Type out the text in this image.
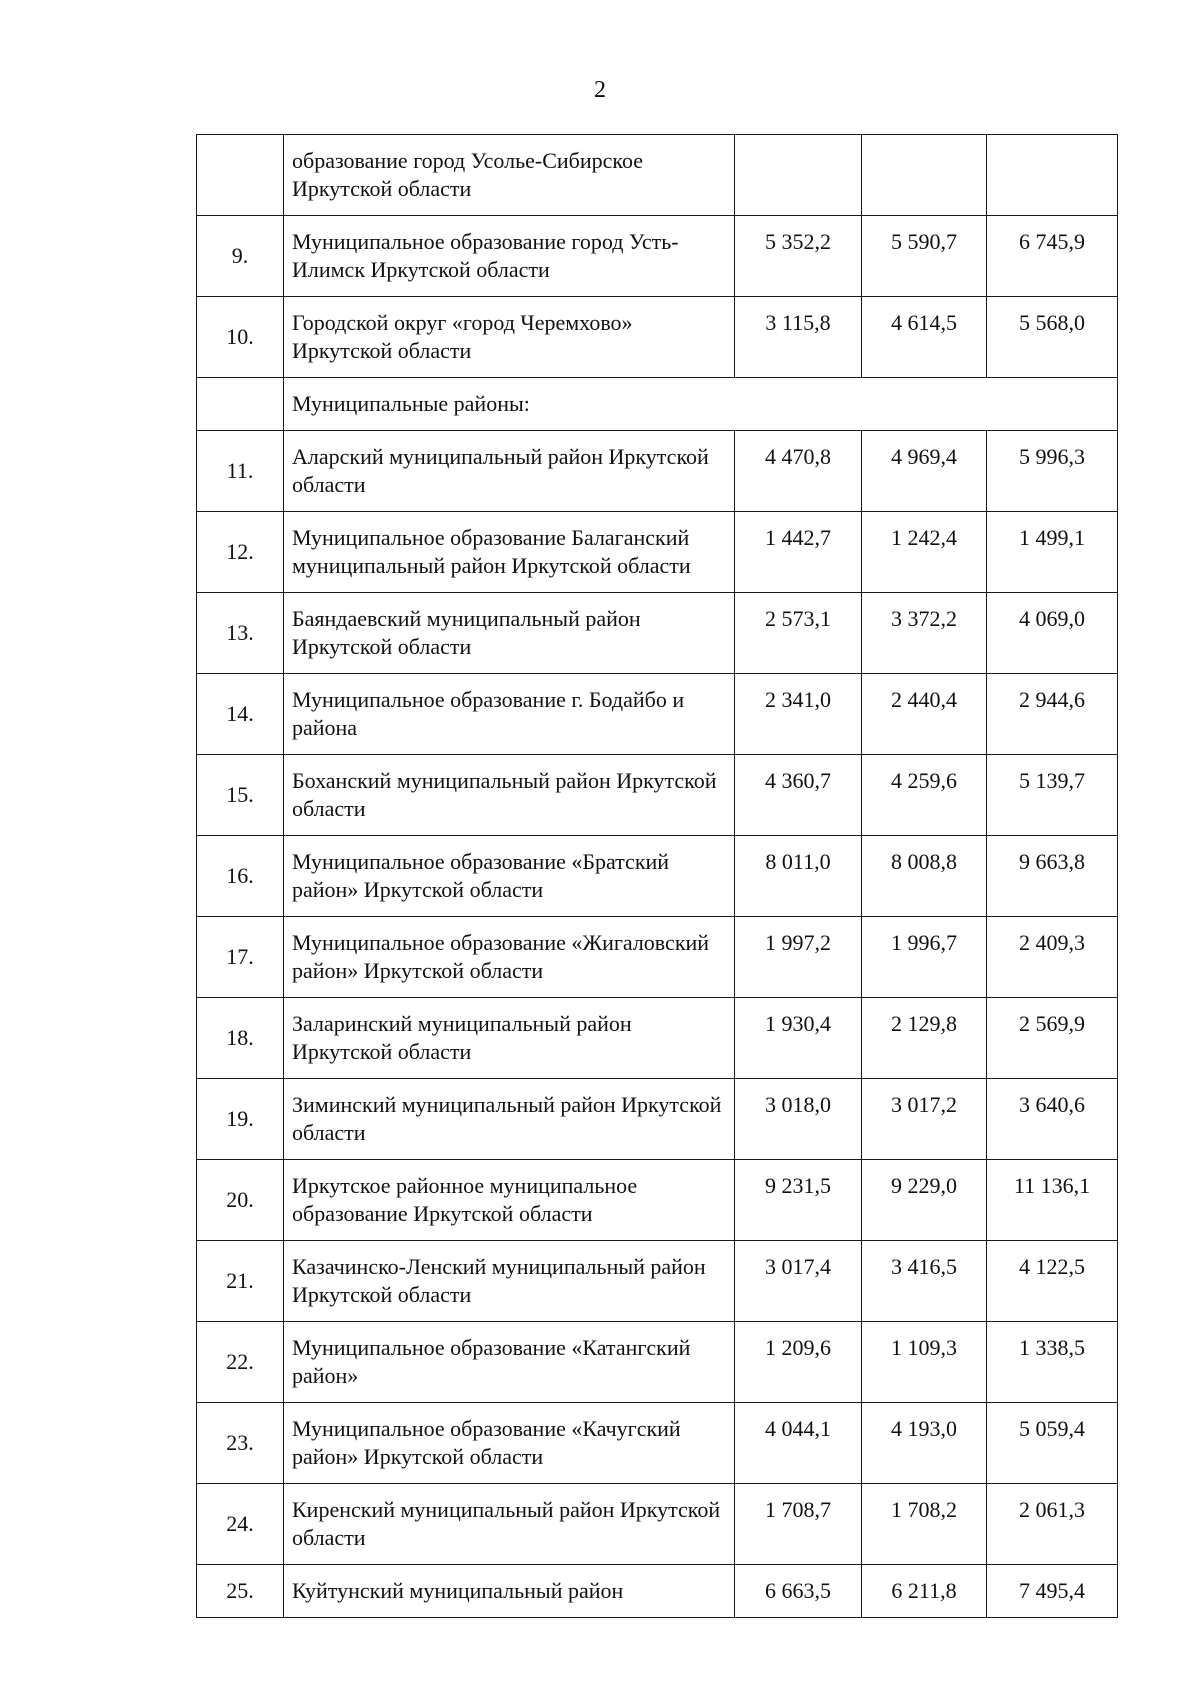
2
	образование город Усолье-Сибирское Иркутской области			
9.	Муниципальное образование город Усть-Илимск Иркутской области	5 352,2	5 590,7	6 745,9
10.	Городской округ «город Черемхово» Иркутской области	3 115,8	4 614,5	5 568,0
	Муниципальные районы:			
11.	Аларский муниципальный район Иркутской области	4 470,8	4 969,4	5 996,3
12.	Муниципальное образование Балаганский муниципальный район Иркутской области	1 442,7	1 242,4	1 499,1
13.	Баяндаевский муниципальный район Иркутской области	2 573,1	3 372,2	4 069,0
14.	Муниципальное образование г. Бодайбо и района	2 341,0	2 440,4	2 944,6
15.	Боханский муниципальный район Иркутской области	4 360,7	4 259,6	5 139,7
16.	Муниципальное образование «Братский район» Иркутской области	8 011,0	8 008,8	9 663,8
17.	Муниципальное образование «Жигаловский район» Иркутской области	1 997,2	1 996,7	2 409,3
18.	Заларинский муниципальный район Иркутской области	1 930,4	2 129,8	2 569,9
19.	Зиминский муниципальный район Иркутской области	3 018,0	3 017,2	3 640,6
20.	Иркутское районное муниципальное образование Иркутской области	9 231,5	9 229,0	11 136,1
21.	Казачинско-Ленский муниципальный район Иркутской области	3 017,4	3 416,5	4 122,5
22.	Муниципальное образование «Катангский район»	1 209,6	1 109,3	1 338,5
23.	Муниципальное образование «Качугский район» Иркутской области	4 044,1	4 193,0	5 059,4
24.	Киренский муниципальный район Иркутской области	1 708,7	1 708,2	2 061,3
25.	Куйтунский муниципальный район	6 663,5	6 211,8	7 495,4
